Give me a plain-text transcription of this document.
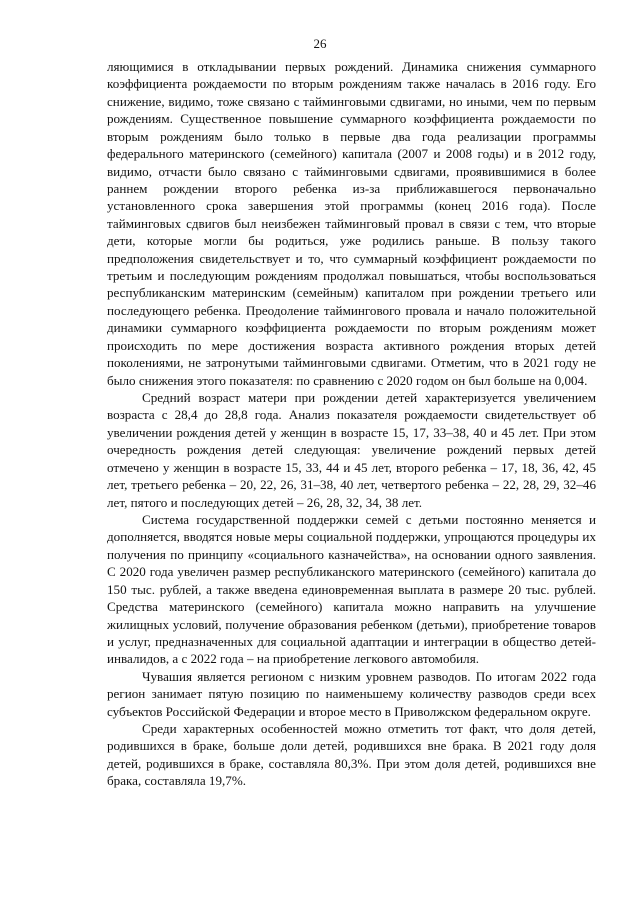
26

ляющимися в откладывании первых рождений. Динамика снижения суммарного коэффициента рождаемости по вторым рождениям также началась в 2016 году. Его снижение, видимо, тоже связано с тайминговыми сдвигами, но иными, чем по первым рождениям. Существенное повышение суммарного коэффициента рождаемости по вторым рождениям было только в первые два года реализации программы федерального материнского (семейного) капитала (2007 и 2008 годы) и в 2012 году, видимо, отчасти было связано с тайминговыми сдвигами, проявившимися в более раннем рождении второго ребенка из-за приближавшегося первоначально установленного срока завершения этой программы (конец 2016 года). После тайминговых сдвигов был неизбежен тайминговый провал в связи с тем, что вторые дети, которые могли бы родиться, уже родились раньше. В пользу такого предположения свидетельствует и то, что суммарный коэффициент рождаемости по третьим и последующим рождениям продолжал повышаться, чтобы воспользоваться республиканским материнским (семейным) капиталом при рождении третьего или последующего ребенка. Преодоление таймингового провала и начало положительной динамики суммарного коэффициента рождаемости по вторым рождениям может происходить по мере достижения возраста активного рождения вторых детей поколениями, не затронутыми тайминговыми сдвигами. Отметим, что в 2021 году не было снижения этого показателя: по сравнению с 2020 годом он был больше на 0,004.

Средний возраст матери при рождении детей характеризуется увеличением возраста с 28,4 до 28,8 года. Анализ показателя рождаемости свидетельствует об увеличении рождения детей у женщин в возрасте 15, 17, 33–38, 40 и 45 лет. При этом очередность рождения детей следующая: увеличение рождений первых детей отмечено у женщин в возрасте 15, 33, 44 и 45 лет, второго ребенка – 17, 18, 36, 42, 45 лет, третьего ребенка – 20, 22, 26, 31–38, 40 лет, четвертого ребенка – 22, 28, 29, 32–46 лет, пятого и последующих детей – 26, 28, 32, 34, 38 лет.

Система государственной поддержки семей с детьми постоянно меняется и дополняется, вводятся новые меры социальной поддержки, упрощаются процедуры их получения по принципу «социального казначейства», на основании одного заявления. С 2020 года увеличен размер республиканского материнского (семейного) капитала до 150 тыс. рублей, а также введена единовременная выплата в размере 20 тыс. рублей. Средства материнского (семейного) капитала можно направить на улучшение жилищных условий, получение образования ребенком (детьми), приобретение товаров и услуг, предназначенных для социальной адаптации и интеграции в общество детей-инвалидов, а с 2022 года – на приобретение легкового автомобиля.

Чувашия является регионом с низким уровнем разводов. По итогам 2022 года регион занимает пятую позицию по наименьшему количеству разводов среди всех субъектов Российской Федерации и второе место в Приволжском федеральном округе.

Среди характерных особенностей можно отметить тот факт, что доля детей, родившихся в браке, больше доли детей, родившихся вне брака. В 2021 году доля детей, родившихся в браке, составляла 80,3%. При этом доля детей, родившихся вне брака, составляла 19,7%.
